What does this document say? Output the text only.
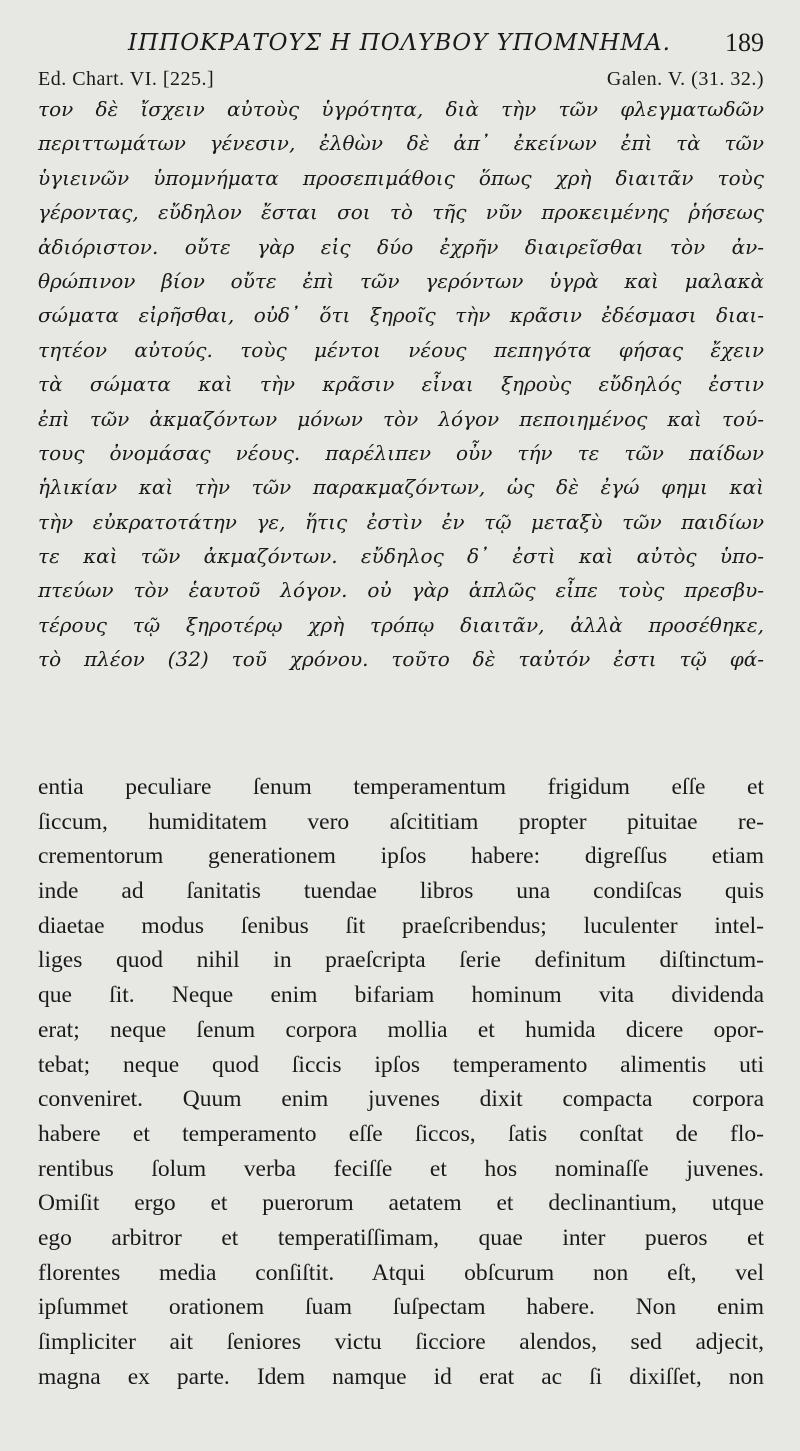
ΙΠΠΟΚΡΑΤΟΥΣ Η ΠΟΛΥΒΟΥ ΥΠΟΜΝΗΜΑ. 189
Ed. Chart. VI. [225.]	Galen. V. (31. 32.)
τον δὲ ἴσχειν αὐτοὺς ὑγρότητα, διὰ τὴν τῶν φλεγματωδῶν
περιττωμάτων γένεσιν, ἐλθὼν δὲ ἀπ᾽ ἐκείνων ἐπὶ τὰ τῶν
ὑγιεινῶν ὑπομνήματα προσεπιμάθοις ὅπως χρὴ διαιτᾶν τοὺς
γέροντας, εὔδηλον ἔσται σοι τὸ τῆς νῦν προκειμένης ῥήσεως
ἀδιόριστον. οὔτε γὰρ εἰς δύο ἐχρῆν διαιρεῖσθαι τὸν ἀν-
θρώπινον βίον οὔτε ἐπὶ τῶν γερόντων ὑγρὰ καὶ μαλακὰ
σώματα εἰρῆσθαι, οὐδ᾽ ὅτι ξηροῖς τὴν κρᾶσιν ἐδέσμασι διαι-
τητέον αὐτούς. τοὺς μέντοι νέους πεπηγότα φήσας ἔχειν
τὰ σώματα καὶ τὴν κρᾶσιν εἶναι ξηροὺς εὔδηλός ἐστιν
ἐπὶ τῶν ἀκμαζόντων μόνων τὸν λόγον πεποιημένος καὶ τού-
τους ὀνομάσας νέους. παρέλιπεν οὖν τήν τε τῶν παίδων
ἡλικίαν καὶ τὴν τῶν παρακμαζόντων, ὡς δὲ ἐγώ φημι καὶ
τὴν εὐκρατοτάτην γε, ἥτις ἐστὶν ἐν τῷ μεταξὺ τῶν παιδίων
τε καὶ τῶν ἀκμαζόντων. εὔδηλος δ᾽ ἐστὶ καὶ αὐτὸς ὑπο-
πτεύων τὸν ἑαυτοῦ λόγον. οὐ γὰρ ἁπλῶς εἶπε τοὺς πρεσβυ-
τέρους τῷ ξηροτέρῳ χρὴ τρόπῳ διαιτᾶν, ἀλλὰ προσέθηκε,
τὸ πλέον (32) τοῦ χρόνου. τοῦτο δὲ ταὐτόν ἐστι τῷ φά-
entia peculiare ſenum temperamentum frigidum eſſe et
ſiccum, humiditatem vero aſcititiam propter pituitae re-
crementorum generationem ipſos habere: digreſſus etiam
inde ad ſanitatis tuendae libros una condiſcas quis
diaetae modus ſenibus ſit praeſcribendus; luculenter intel-
liges quod nihil in praeſcripta ſerie definitum diſtinctum-
que ſit. Neque enim bifariam hominum vita dividenda
erat; neque ſenum corpora mollia et humida dicere opor-
tebat; neque quod ſiccis ipſos temperamento alimentis uti
conveniret. Quum enim juvenes dixit compacta corpora
habere et temperamento eſſe ſiccos, ſatis conſtat de flo-
rentibus ſolum verba feciſſe et hos nominaſſe juvenes.
Omiſit ergo et puerorum aetatem et declinantium, utque
ego arbitror et temperatiſſimam, quae inter pueros et
florentes media conſiſtit. Atqui obſcurum non eſt, vel
ipſummet orationem ſuam ſuſpectam habere. Non enim
ſimpliciter ait ſeniores victu ſicciore alendos, sed adjecit,
magna ex parte. Idem namque id erat ac ſi dixiſſet, non
